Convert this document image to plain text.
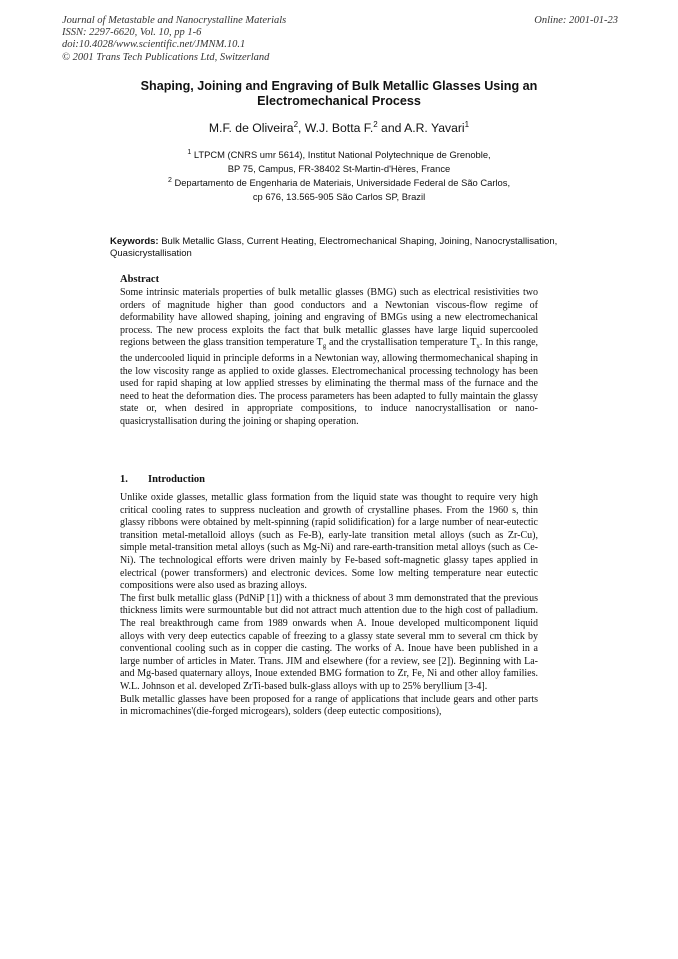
Journal of Metastable and Nanocrystalline Materials
ISSN: 2297-6620, Vol. 10, pp 1-6
doi:10.4028/www.scientific.net/JMNM.10.1
© 2001 Trans Tech Publications Ltd, Switzerland
Online: 2001-01-23
Shaping, Joining and Engraving of Bulk Metallic Glasses Using an Electromechanical Process
M.F. de Oliveira$^2$, W.J. Botta F.$^2$ and A.R. Yavari$^1$
$^1$ LTPCM (CNRS umr 5614), Institut National Polytechnique de Grenoble,
BP 75, Campus, FR-38402 St-Martin-d'Hères, France
$^2$ Departamento de Engenharia de Materiais, Universidade Federal de São Carlos,
cp 676, 13.565-905 São Carlos SP, Brazil
Keywords: Bulk Metallic Glass, Current Heating, Electromechanical Shaping, Joining, Nanocrystallisation, Quasicrystallisation
Abstract
Some intrinsic materials properties of bulk metallic glasses (BMG) such as electrical resistivities two orders of magnitude higher than good conductors and a Newtonian viscous-flow regime of deformability have allowed shaping, joining and engraving of BMGs using a new electromechanical process. The new process exploits the fact that bulk metallic glasses have large liquid supercooled regions between the glass transition temperature $T_g$ and the crystallisation temperature $T_x$. In this range, the undercooled liquid in principle deforms in a Newtonian way, allowing thermomechanical shaping in the low viscosity range as applied to oxide glasses. Electromechanical processing technology has been used for rapid shaping at low applied stresses by eliminating the thermal mass of the furnace and the need to heat the deformation dies. The process parameters has been adapted to fully maintain the glassy state or, when desired in appropriate compositions, to induce nanocrystallisation or nano-quasicrystallisation during the joining or shaping operation.
1. Introduction

Unlike oxide glasses, metallic glass formation from the liquid state was thought to require very high critical cooling rates to suppress nucleation and growth of crystalline phases. From the 1960 s, thin glassy ribbons were obtained by melt-spinning (rapid solidification) for a large number of near-eutectic transition metal-metalloid alloys (such as Fe-B), early-late transition metal alloys (such as Zr-Cu), simple metal-transition metal alloys (such as Mg-Ni) and rare-earth-transition metal alloys (such as Ce-Ni). The technological efforts were driven mainly by Fe-based soft-magnetic glassy tapes applied in electrical (power transformers) and electronic devices. Some low melting temperature near eutectic compositions were also used as brazing alloys.

The first bulk metallic glass (PdNiP [1]) with a thickness of about 3 mm demonstrated that the previous thickness limits were surmountable but did not attract much attention due to the high cost of palladium. The real breakthrough came from 1989 onwards when A. Inoue developed multicomponent liquid alloys with very deep eutectics capable of freezing to a glassy state several mm to several cm thick by conventional cooling such as in copper die casting. The works of A. Inoue have been published in a large number of articles in Mater. Trans. JIM and elsewhere (for a review, see [2]). Beginning with La- and Mg-based quaternary alloys, Inoue extended BMG formation to Zr, Fe, Ni and other alloy families. W.L. Johnson et al. developed ZrTi-based bulk-glass alloys with up to 25% beryllium [3-4].

Bulk metallic glasses have been proposed for a range of applications that include gears and other parts in micromachines'(die-forged microgears), solders (deep eutectic compositions),
